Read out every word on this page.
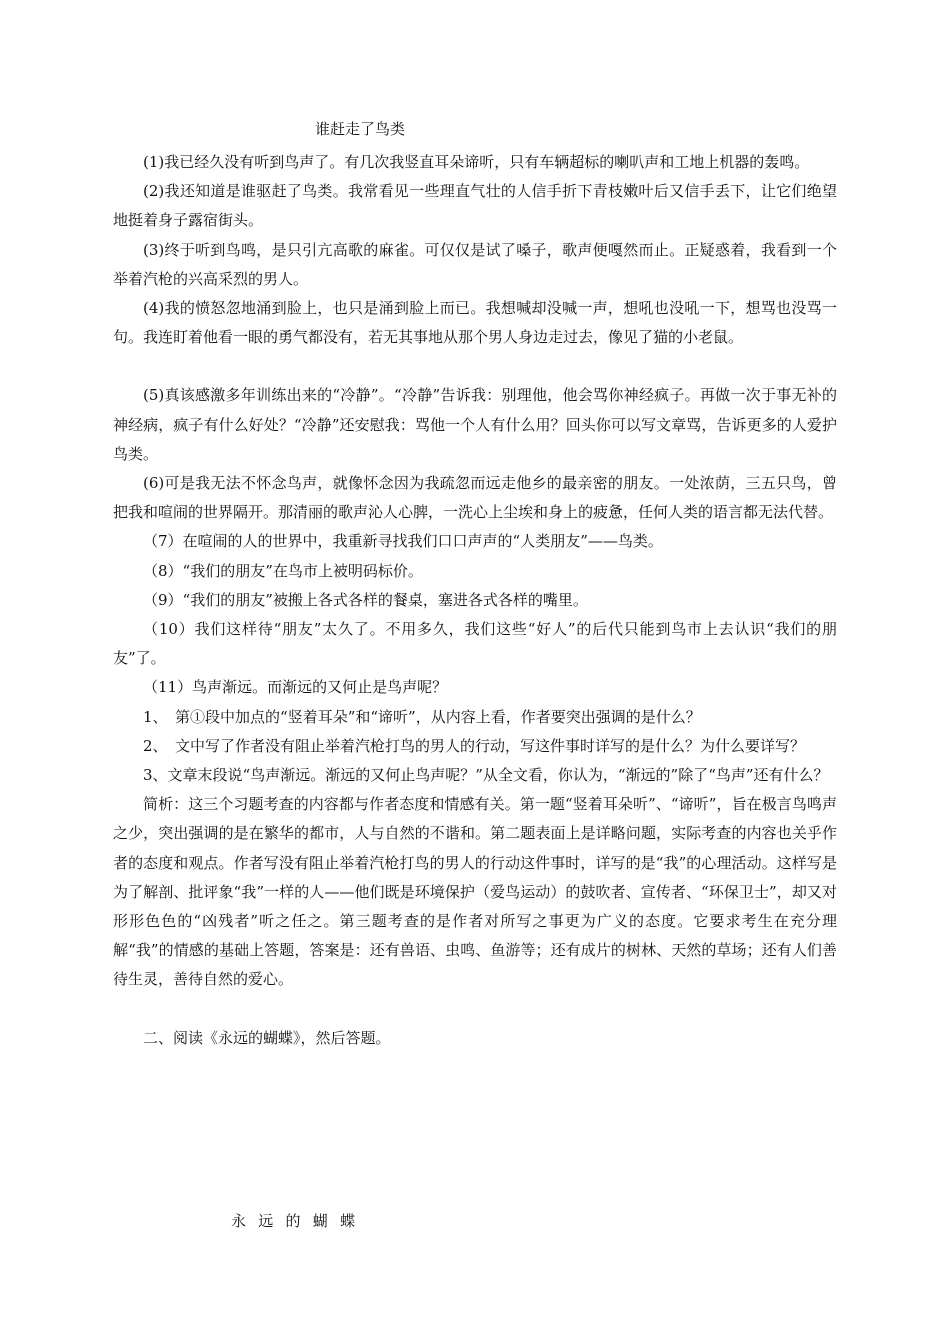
谁赶走了鸟类

(1)我已经久没有听到鸟声了。有几次我竖直耳朵谛听，只有车辆超标的喇叭声和工地上机器的轰鸣。

(2)我还知道是谁驱赶了鸟类。我常看见一些理直气壮的人信手折下青枝嫩叶后又信手丢下，让它们绝望地挺着身子露宿街头。

(3)终于听到鸟鸣，是只引亢高歌的麻雀。可仅仅是试了嗓子，歌声便嘎然而止。正疑惑着，我看到一个举着汽枪的兴高采烈的男人。

(4)我的愤怒忽地涌到脸上，也只是涌到脸上而已。我想喊却没喊一声，想吼也没吼一下，想骂也没骂一句。我连盯着他看一眼的勇气都没有，若无其事地从那个男人身边走过去，像见了猫的小老鼠。

(5)真该感激多年训练出来的“冷静”。“冷静”告诉我：别理他，他会骂你神经疯子。再做一次于事无补的神经病，疯子有什么好处？“冷静”还安慰我：骂他一个人有什么用？回头你可以写文章骂，告诉更多的人爱护鸟类。

(6)可是我无法不怀念鸟声，就像怀念因为我疏忽而远走他乡的最亲密的朋友。一处浓荫，三五只鸟，曾把我和喧闹的世界隔开。那清丽的歌声沁人心脾，一洗心上尘埃和身上的疲惫，任何人类的语言都无法代替。

（7）在喧闹的人的世界中，我重新寻找我们口口声声的“人类朋友”——鸟类。

（8）“我们的朋友”在鸟市上被明码标价。

（9）“我们的朋友”被搬上各式各样的餐桌，塞进各式各样的嘴里。

（10）我们这样待“朋友”太久了。不用多久，我们这些“好人”的后代只能到鸟市上去认识“我们的朋友”了。

（11）鸟声渐远。而渐远的又何止是鸟声呢？

1、　第①段中加点的“竖着耳朵”和“谛听”，从内容上看，作者要突出强调的是什么？

2、　文中写了作者没有阻止举着汽枪打鸟的男人的行动，写这件事时详写的是什么？为什么要详写？

3、文章末段说“鸟声渐远。渐远的又何止鸟声呢？”从全文看，你认为，“渐远的”除了“鸟声”还有什么？

简析：这三个习题考查的内容都与作者态度和情感有关。第一题“竖着耳朵听”、“谛听”，旨在极言鸟鸣声之少，突出强调的是在繁华的都市，人与自然的不谐和。第二题表面上是详略问题，实际考查的内容也关乎作者的态度和观点。作者写没有阻止举着汽枪打鸟的男人的行动这件事时，详写的是“我”的心理活动。这样写是为了解剖、批评象“我”一样的人——他们既是环境保护（爱鸟运动）的鼓吹者、宣传者、“环保卫士”，却又对形形色色的“凶残者”听之任之。第三题考查的是作者对所写之事更为广义的态度。它要求考生在充分理解“我”的情感的基础上答题，答案是：还有兽语、虫鸣、鱼游等；还有成片的树林、天然的草场；还有人们善待生灵，善待自然的爱心。

二、阅读《永远的蝴蝶》，然后答题。

永 远 的 蝴 蝶
